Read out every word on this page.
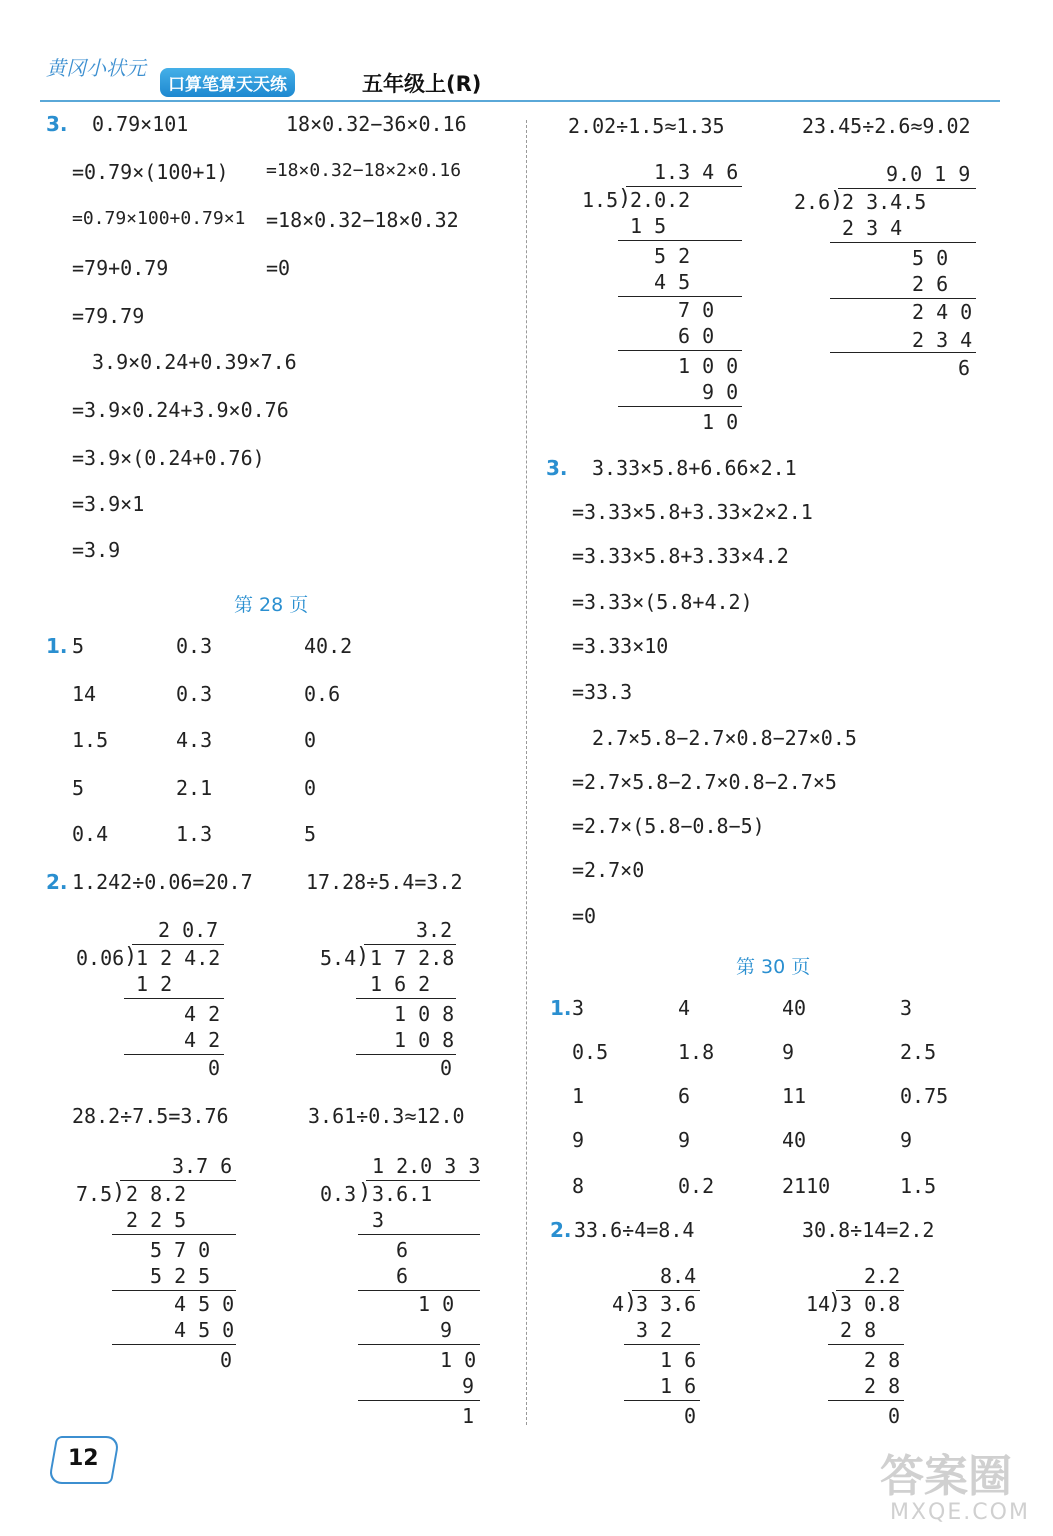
黄冈小状元
口算笔算天天练	五年级上(R)
3. 0.79×101
=0.79×(100+1)
=0.79×100+0.79×1
=79+0.79
=79.79
18×0.32−36×0.16
=18×0.32−18×2×0.16
=18×0.32−18×0.32
=0
3.9×0.24+0.39×7.6
=3.9×0.24+3.9×0.76
=3.9×(0.24+0.76)
=3.9×1
=3.9
第 28 页
1. 5	0.3	40.2
14	0.3	0.6
1.5	4.3	0
5	2.1	0
0.4	1.3	5
2. 1.242÷0.06=20.7	17.28÷5.4=3.2
2 0.7
0.06 )
1 2 4.2
1 2
4 2
4 2
0
3.2
5.4 ) 1 7 2.8
1 6 2
1 0 8
1 0 8
0
28.2÷7.5=3.76	3.61÷0.3≈12.0
3.7 6
7.5 ) 2 8.2
2 2 5
5 7 0
5 2 5
4 5 0
4 5 0
0
1 2.0 3 3
0.3 ) 3.6.1
3
6
6
1 0
9
1 0
9
1
2.02÷1.5≈1.35	23.45÷2.6≈9.02
1.3 4 6
1.5 )
2.0.2
1 5
5 2
4 5
7 0
6 0
1 0 0
9 0
1 0
9.0 1 9
2.6 )
2 3.4.5
2 3 4
5 0
2 6
2 4 0
2 3 4
6
3. 3.33×5.8+6.66×2.1
=3.33×5.8+3.33×2×2.1
=3.33×5.8+3.33×4.2
=3.33×(5.8+4.2)
=3.33×10
=33.3
2.7×5.8−2.7×0.8−27×0.5
=2.7×5.8−2.7×0.8−2.7×5
=2.7×(5.8−0.8−5)
=2.7×0
=0
第 30 页
1. 3	4	40	3
0.5	1.8	9	2.5
1	6	11	0.75
9	9	40	9
8	0.2	2110	1.5
2. 33.6÷4=8.4	30.8÷14=2.2
8.4
4 )
3 3.6
3 2
1 6
1 6
0
2.2
14
)
3 0.8
2 8
2 8
2 8
0
12	答案圈
MXQE.COM
